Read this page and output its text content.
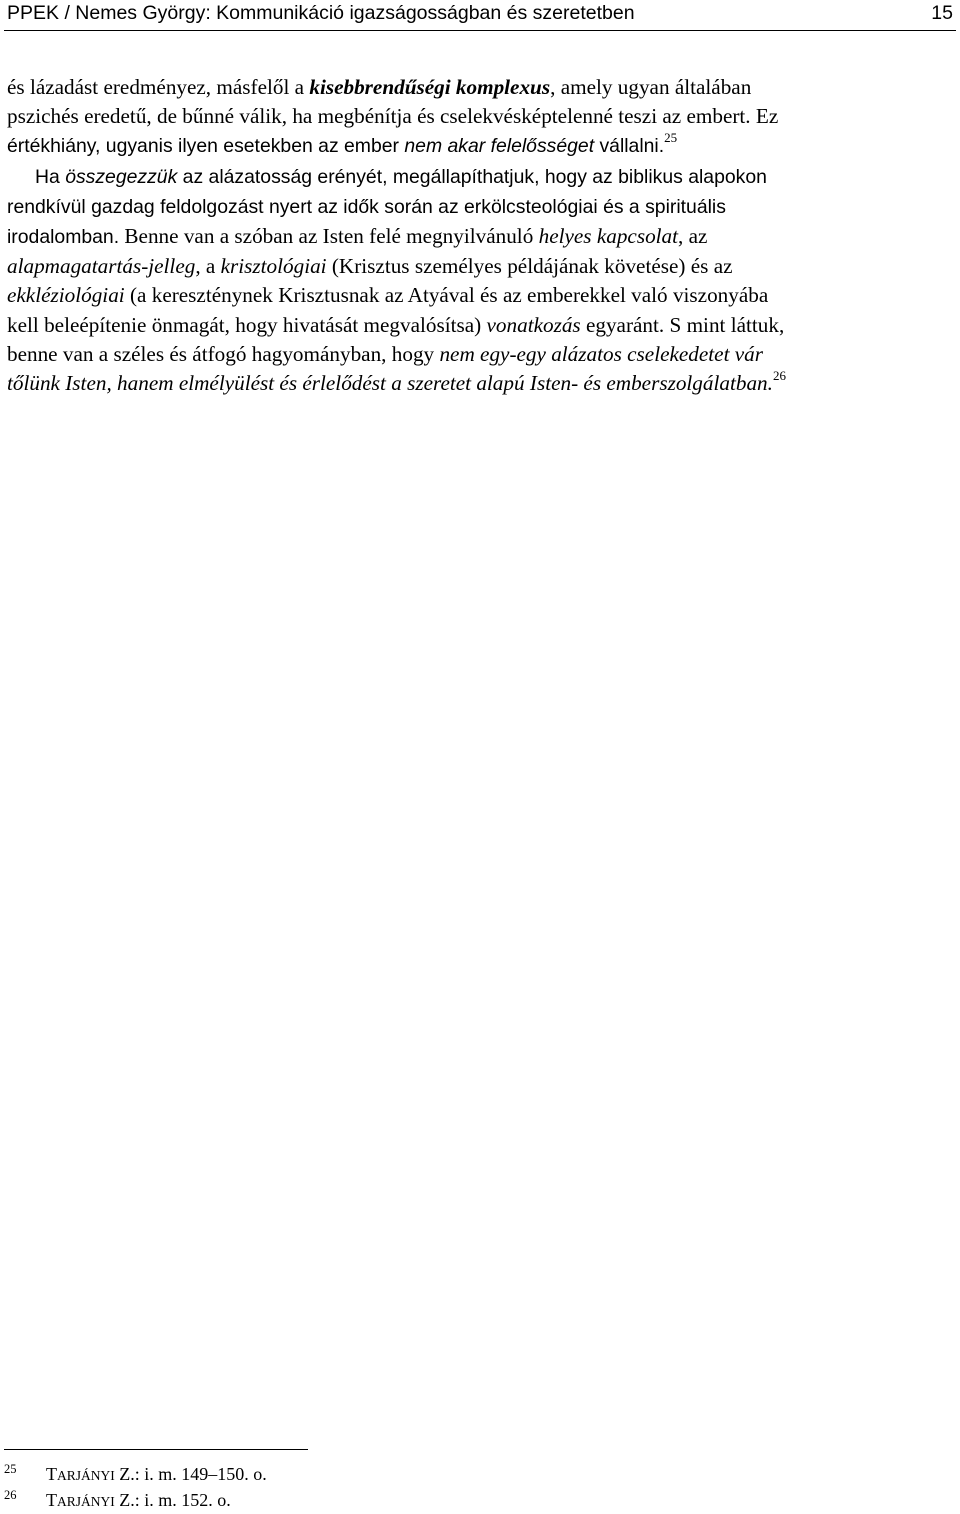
PPEK / Nemes György: Kommunikáció igazságosságban és szeretetben	15

és lázadást eredményez, másfelől a kisebbrendűségi komplexus, amely ugyan általában

pszichés eredetű, de bűnné válik, ha megbénítja és cselekvésképtelenné teszi az embert. Ez

értékhiány, ugyanis ilyen esetekben az ember nem akar felelősséget vállalni.$^{25}$

Ha összegezzük az alázatosság erényét, megállapíthatjuk, hogy az biblikus alapokon

rendkívül gazdag feldolgozást nyert az idők során az erkölcsteológiai és a spirituális

irodalomban. Benne van a szóban az Isten felé megnyilvánuló helyes kapcsolat, az

alapmagatartás-jelleg, a krisztológiai (Krisztus személyes példájának követése) és az

ekkléziológiai (a kereszténynek Krisztusnak az Atyával és az emberekkel való viszonyába

kell beleépítenie önmagát, hogy hivatását megvalósítsa) vonatkozás egyaránt. S mint láttuk,

benne van a széles és átfogó hagyományban, hogy nem egy-egy alázatos cselekedetet vár

tőlünk Isten, hanem elmélyülést és érlelődést a szeretet alapú Isten- és emberszolgálatban.$^{26}$

25	TARJÁNYI Z.: i. m. 149–150. o.
26	TARJÁNYI Z.: i. m. 152. o.
